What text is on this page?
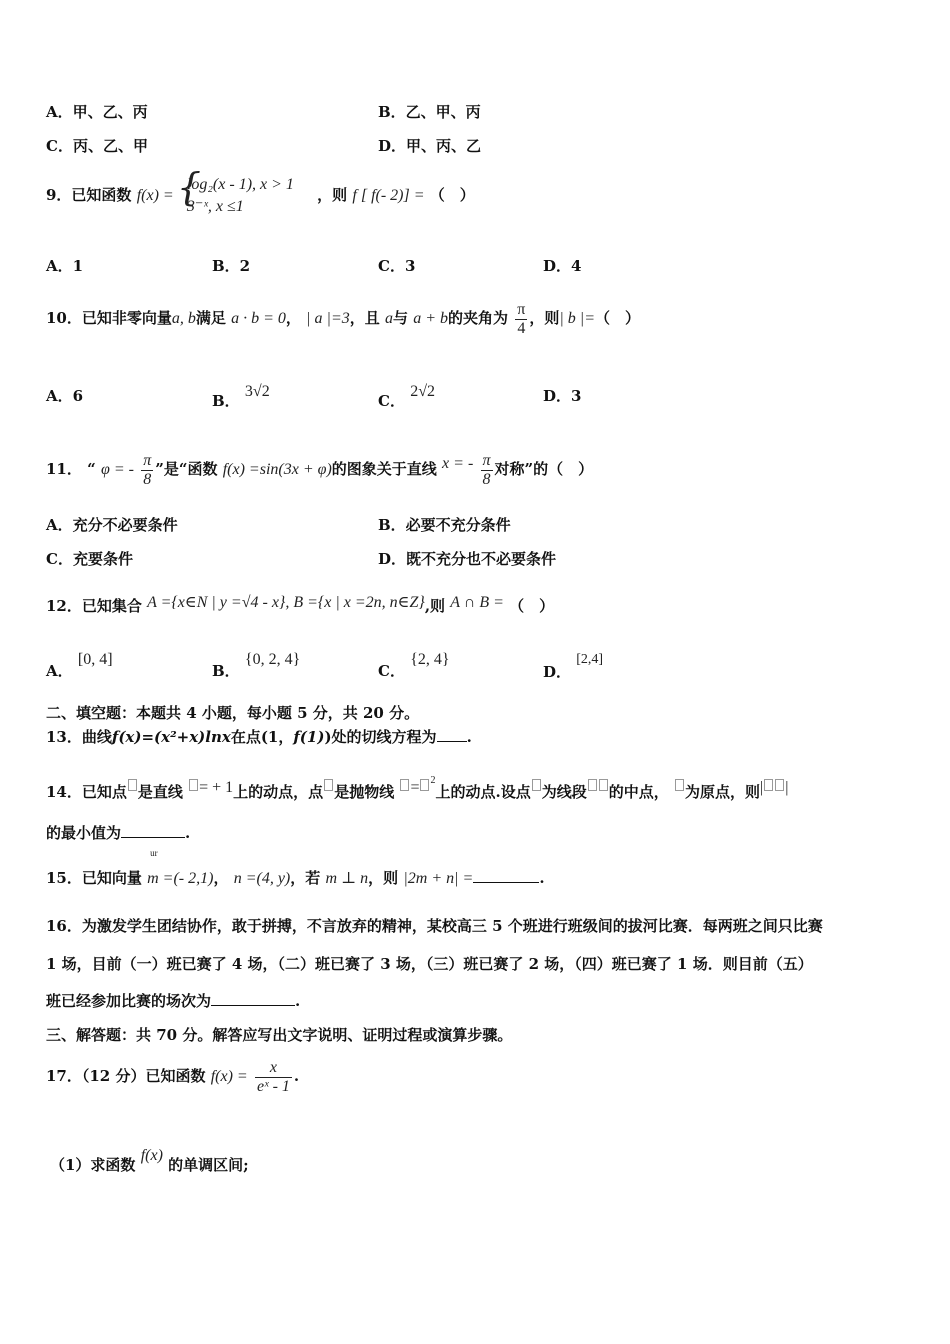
A．甲、乙、丙	B．乙、甲、丙
C．丙、乙、甲	D．甲、丙、乙
9．已知函数 f(x) = {
log₂(x - 1), x > 1
3⁻ˣ, x ≤1
，则 f [ f(- 2)] = （　）
A．1	B．2	C．3	D．4
10．已知非零向量a, b满足 a · b = 0， | a |=3，且 a与 a + b的夹角为 $\frac{\pi}{4}$ ，则| b |=（　）
A．6	B． 3√2
C． 2√2	D．3
11． “ φ = - $\frac{\pi}{8}$ ”是“函数 f(x) =sin(3x + φ)的图象关于直线 x = - $\frac{\pi}{8}$ 对称”的（　）
A．充分不必要条件	B．必要不充分条件
C．充要条件	D．既不充分也不必要条件
12．已知集合 A ={x∈N | y =√4 - x}, B ={x | x =2n, n∈Z},则 A ∩ B = （　）
A． [0, 4]
B． {0, 2, 4}
C． {2, 4}
D． [2,4]
二、填空题：本题共 4 小题，每小题 5 分，共 20 分。
13．曲线f(x)=(x²+x)lnx在点(1，f(1))处的切线方程为 .
14．已知点 是直线 = + 1上的动点，点 是抛物线 = $^2$上的动点.设点 为线段 的中点， 为原点，则| |
的最小值为	.
15．已知向量
ur
m =(- 2,1)， n =(4, y)，若 m ⊥ n，则 |2m + n| =	.
16．为激发学生团结协作，敢于拼搏，不言放弃的精神，某校高三 5 个班进行班级间的拔河比赛．每两班之间只比赛
1 场，目前（一）班已赛了 4 场，（二）班已赛了 3 场，（三）班已赛了 2 场，（四）班已赛了 1 场．则目前（五）
班已经参加比赛的场次为	.
三、解答题：共 70 分。解答应写出文字说明、证明过程或演算步骤。
17．（12 分）已知函数 $f(x) = \frac{x}{\text{eˣ - 1}}$ .
（1）求函数 f(x) 的单调区间;
